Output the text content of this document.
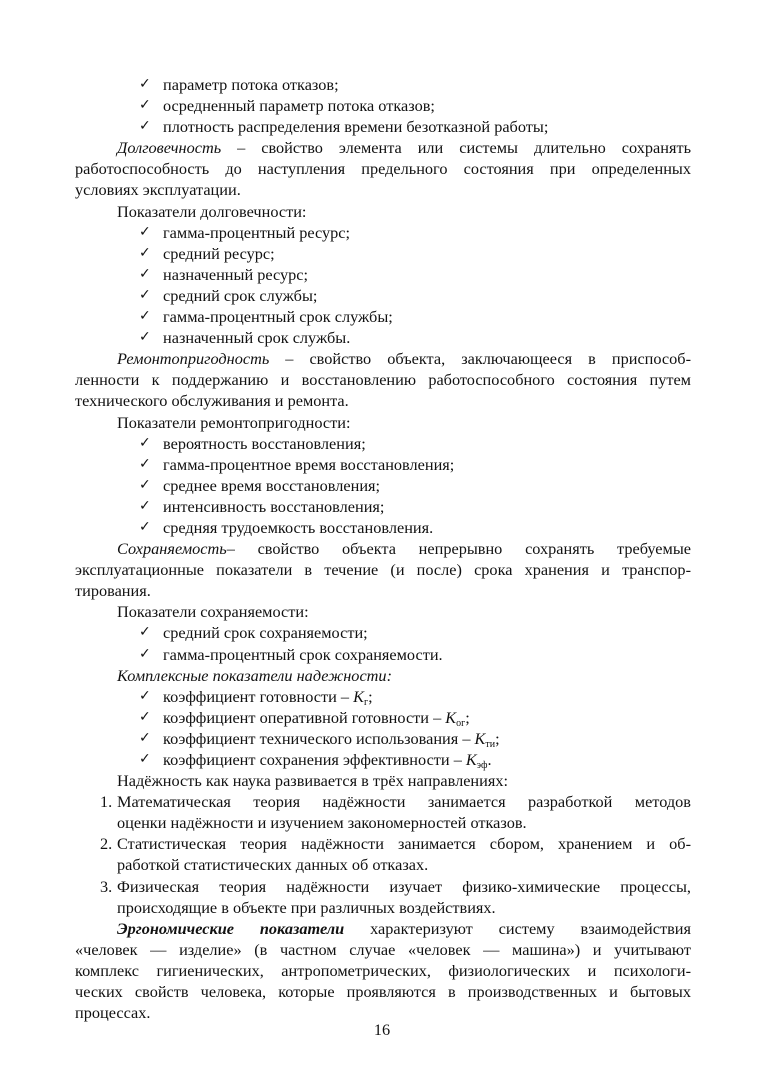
✓ параметр потока отказов;
✓ осредненный параметр потока отказов;
✓ плотность распределения времени безотказной работы;
Долговечность – свойство элемента или системы длительно сохранять
работоспособность до наступления предельного состояния при определенных
условиях эксплуатации.
Показатели долговечности:
✓ гамма-процентный ресурс;
✓ средний ресурс;
✓ назначенный ресурс;
✓ средний срок службы;
✓ гамма-процентный срок службы;
✓ назначенный срок службы.
Ремонтопригодность – свойство объекта, заключающееся в приспособ-
ленности к поддержанию и восстановлению работоспособного состояния путем
технического обслуживания и ремонта.
Показатели ремонтопригодности:
✓ вероятность восстановления;
✓ гамма-процентное время восстановления;
✓ среднее время восстановления;
✓ интенсивность восстановления;
✓ средняя трудоемкость восстановления.
Сохраняемость– свойство объекта непрерывно сохранять требуемые
эксплуатационные показатели в течение (и после) срока хранения и транспор-
тирования.
Показатели сохраняемости:
✓ средний срок сохраняемости;
✓ гамма-процентный срок сохраняемости.
Комплексные показатели надежности:
✓ коэффициент готовности – $K_г$;
✓ коэффициент оперативной готовности – $K_{ог}$;
✓ коэффициент технического использования – $K_{ти}$;
✓ коэффициент сохранения эффективности – $K_{эф}$.
Надёжность как наука развивается в трёх направлениях:
1. Математическая теория надёжности занимается разработкой методов
оценки надёжности и изучением закономерностей отказов.
2. Статистическая теория надёжности занимается сбором, хранением и об-
работкой статистических данных об отказах.
3. Физическая теория надёжности изучает физико-химические процессы,
происходящие в объекте при различных воздействиях.
Эргономические показатели характеризуют систему взаимодействия
«человек — изделие» (в частном случае «человек — машина») и учитывают
комплекс гигиенических, антропометрических, физиологических и психологи-
ческих свойств человека, которые проявляются в производственных и бытовых
процессах.
16
